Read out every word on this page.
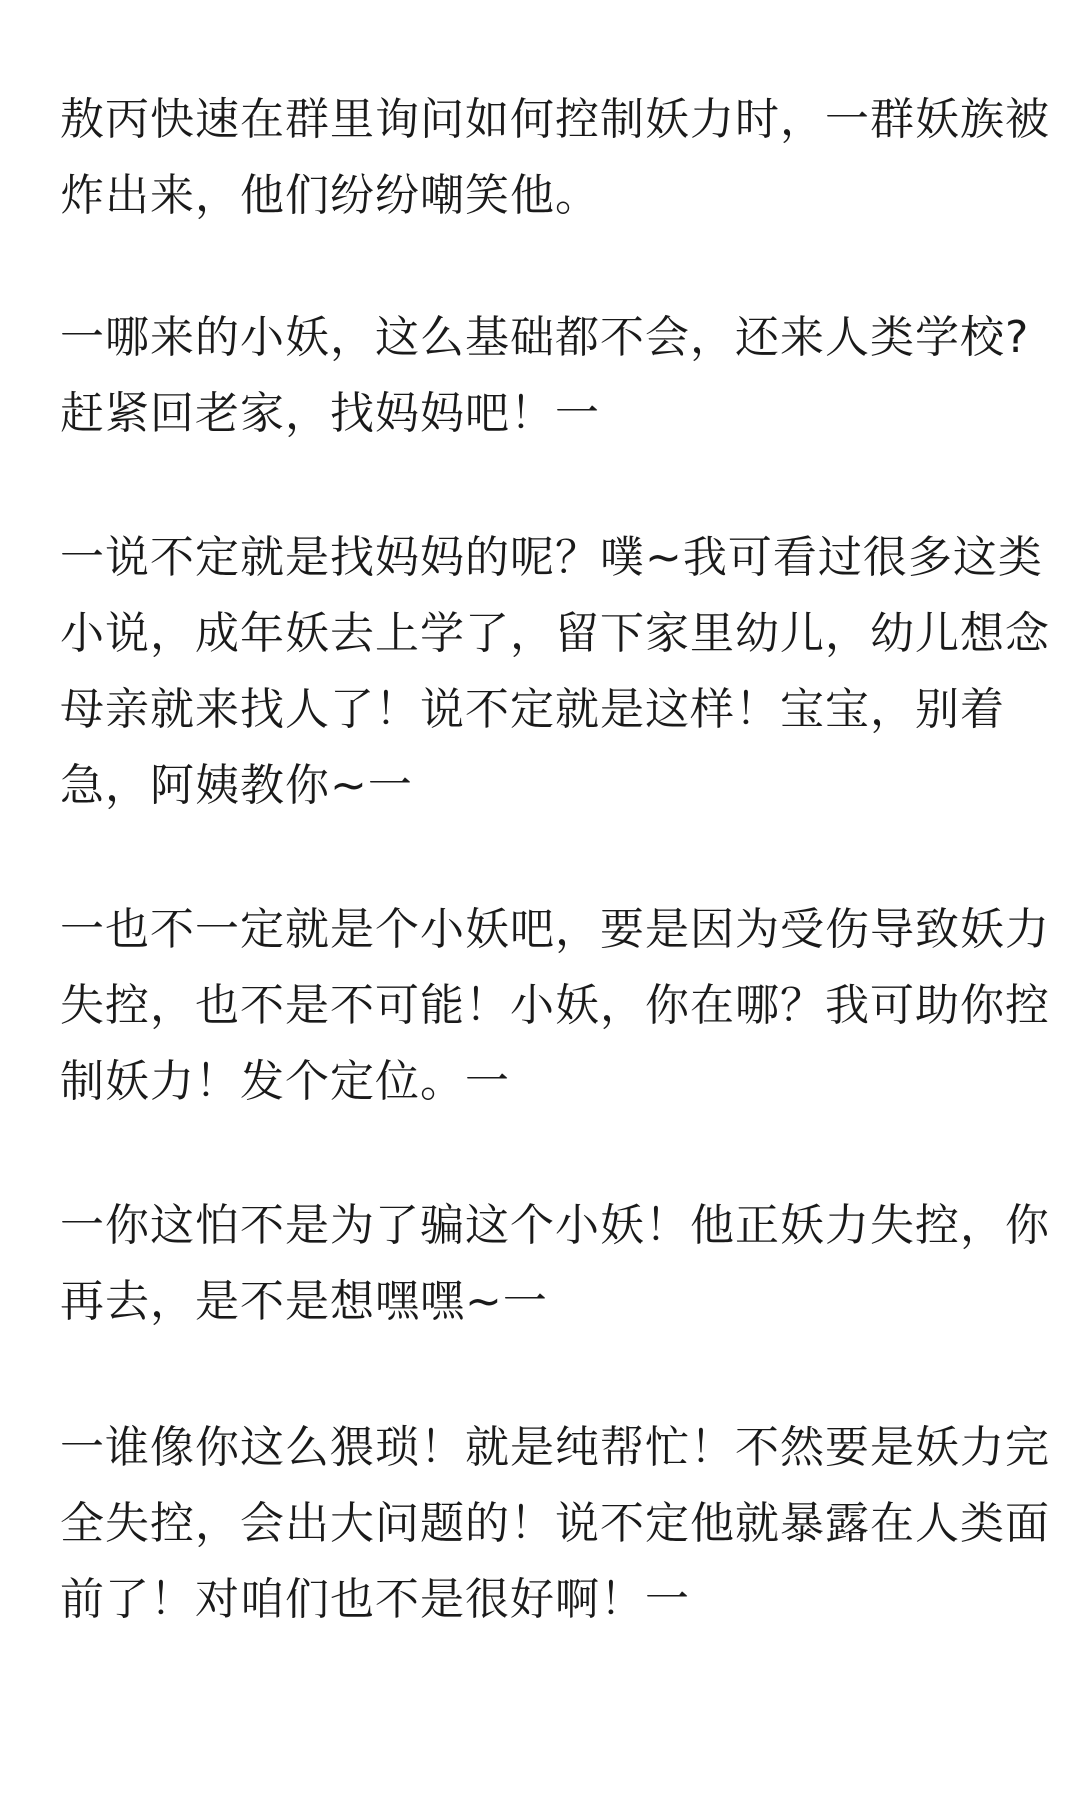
敖丙快速在群里询问如何控制妖力时，一群妖族被
炸出来，他们纷纷嘲笑他。

一哪来的小妖，这么基础都不会，还来人类学校?
赶紧回老家，找妈妈吧！一

一说不定就是找妈妈的呢？噗~我可看过很多这类
小说，成年妖去上学了，留下家里幼儿，幼儿想念
母亲就来找人了！说不定就是这样！宝宝，别着
急，阿姨教你~一

一也不一定就是个小妖吧，要是因为受伤导致妖力
失控，也不是不可能！小妖，你在哪？我可助你控
制妖力！发个定位。一

一你这怕不是为了骗这个小妖！他正妖力失控，你
再去，是不是想嘿嘿~一

一谁像你这么猥琐！就是纯帮忙！不然要是妖力完
全失控，会出大问题的！说不定他就暴露在人类面
前了！对咱们也不是很好啊！一
